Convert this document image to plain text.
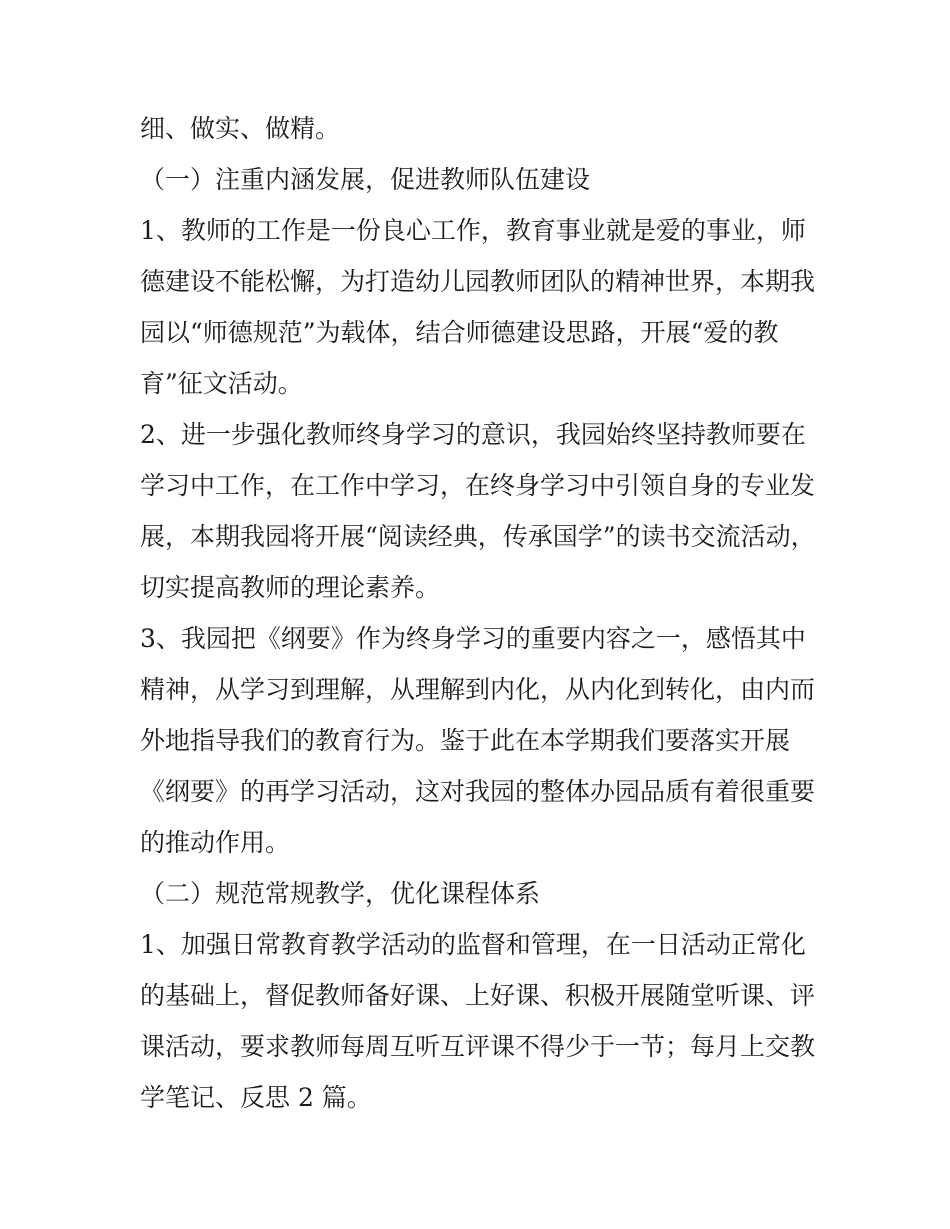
细、做实、做精。
（一）注重内涵发展，促进教师队伍建设
1、教师的工作是一份良心工作，教育事业就是爱的事业，师
德建设不能松懈，为打造幼儿园教师团队的精神世界，本期我
园以“师德规范”为载体，结合师德建设思路，开展“爱的教
育”征文活动。
2、进一步强化教师终身学习的意识，我园始终坚持教师要在
学习中工作，在工作中学习，在终身学习中引领自身的专业发
展，本期我园将开展“阅读经典，传承国学”的读书交流活动，
切实提高教师的理论素养。
3、我园把《纲要》作为终身学习的重要内容之一，感悟其中
精神，从学习到理解，从理解到内化，从内化到转化，由内而
外地指导我们的教育行为。鉴于此在本学期我们要落实开展
《纲要》的再学习活动，这对我园的整体办园品质有着很重要
的推动作用。
（二）规范常规教学，优化课程体系
1、加强日常教育教学活动的监督和管理，在一日活动正常化
的基础上，督促教师备好课、上好课、积极开展随堂听课、评
课活动，要求教师每周互听互评课不得少于一节；每月上交教
学笔记、反思 2 篇。
